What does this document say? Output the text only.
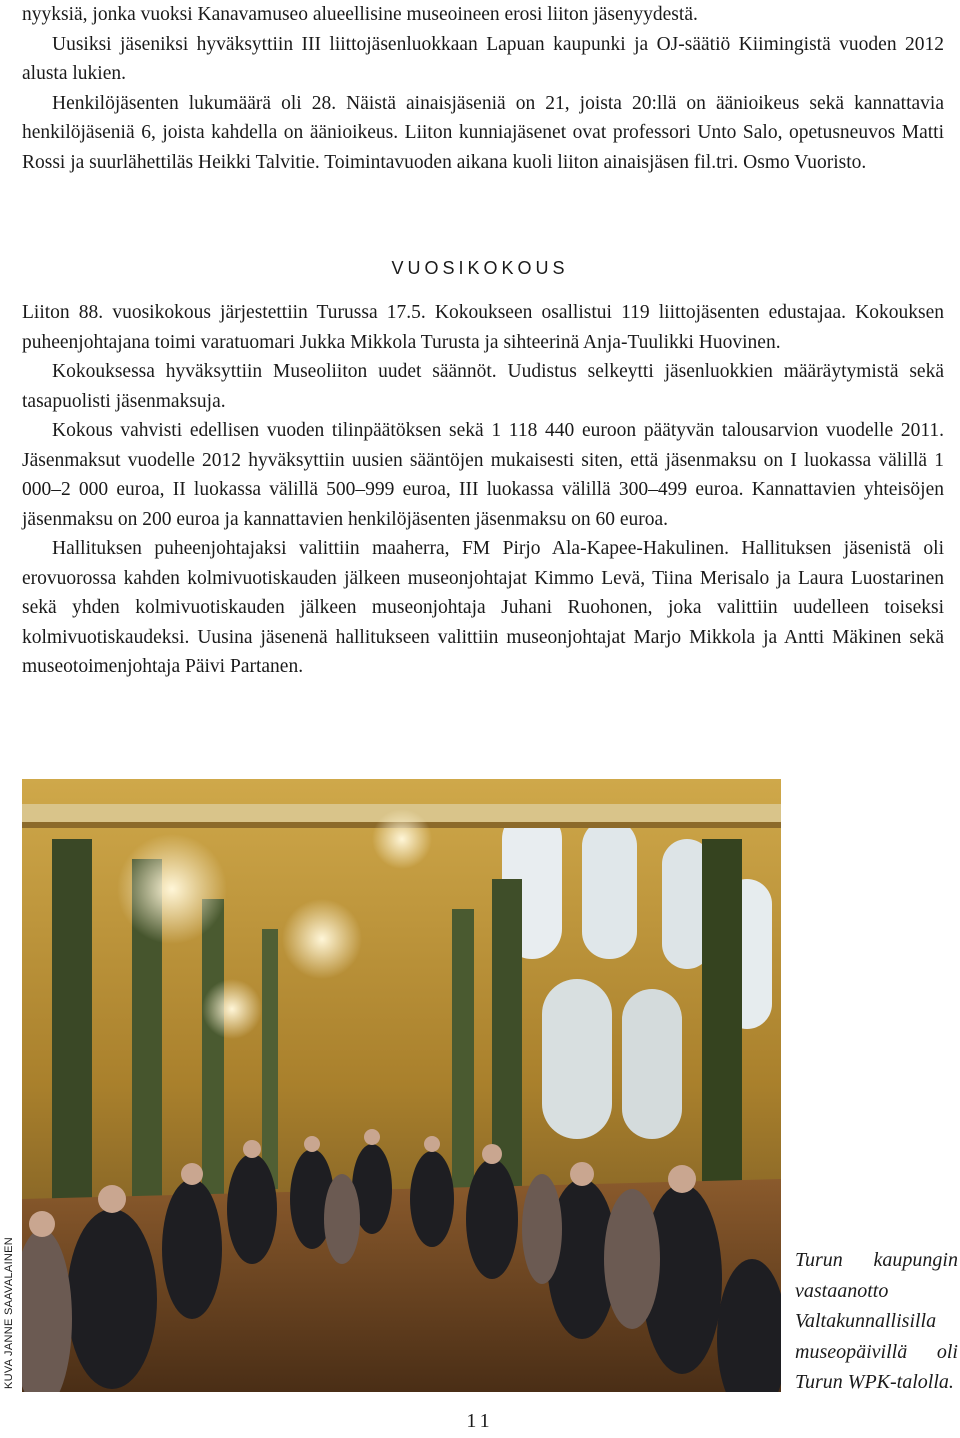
nyyksiä, jonka vuoksi Kanavamuseo alueellisine museoineen erosi liiton jäsenyydestä.

Uusiksi jäseniksi hyväksyttiin III liittojäsenluokkaan Lapuan kaupunki ja OJ-säätiö Kiimingistä vuoden 2012 alusta lukien.

Henkilöjäsenten lukumäärä oli 28. Näistä ainaisjäseniä on 21, joista 20:llä on äänioikeus sekä kannattavia henkilöjäseniä 6, joista kahdella on äänioikeus. Liiton kunniajäsenet ovat professori Unto Salo, opetusneuvos Matti Rossi ja suurlähettiläs Heikki Talvitie. Toimintavuoden aikana kuoli liiton ainaisjäsen fil.tri. Osmo Vuoristo.

VUOSIKOKOUS

Liiton 88. vuosikokous järjestettiin Turussa 17.5. Kokoukseen osallistui 119 liittojäsenten edustajaa. Kokouksen puheenjohtajana toimi varatuomari Jukka Mikkola Turusta ja sihteerinä Anja-Tuulikki Huovinen.

Kokouksessa hyväksyttiin Museoliiton uudet säännöt. Uudistus selkeytti jäsenluokkien määräytymistä sekä tasapuolisti jäsenmaksuja.

Kokous vahvisti edellisen vuoden tilinpäätöksen sekä 1 118 440 euroon päätyvän talousarvion vuodelle 2011. Jäsenmaksut vuodelle 2012 hyväksyttiin uusien sääntöjen mukaisesti siten, että jäsenmaksu on I luokassa välillä 1 000–2 000 euroa, II luokassa välillä 500–999 euroa, III luokassa välillä 300–499 euroa. Kannattavien yhteisöjen jäsenmaksu on 200 euroa ja kannattavien henkilöjäsenten jäsenmaksu on 60 euroa.

Hallituksen puheenjohtajaksi valittiin maaherra, FM Pirjo Ala-Kapee-Hakulinen. Hallituksen jäsenistä oli erovuorossa kahden kolmivuotiskauden jälkeen museonjohtajat Kimmo Levä, Tiina Merisalo ja Laura Luostarinen sekä yhden kolmivuotiskauden jälkeen museonjohtaja Juhani Ruohonen, joka valittiin uudelleen toiseksi kolmivuotiskaudeksi. Uusina jäsenenä hallitukseen valittiin museonjohtajat Marjo Mikkola ja Antti Mäkinen sekä museotoimenjohtaja Päivi Partanen.

KUVA JANNE SAAVALAINEN	Turun kaupungin vastaanotto Valtakunnallisilla museopäivillä oli Turun WPK-talolla.
11
